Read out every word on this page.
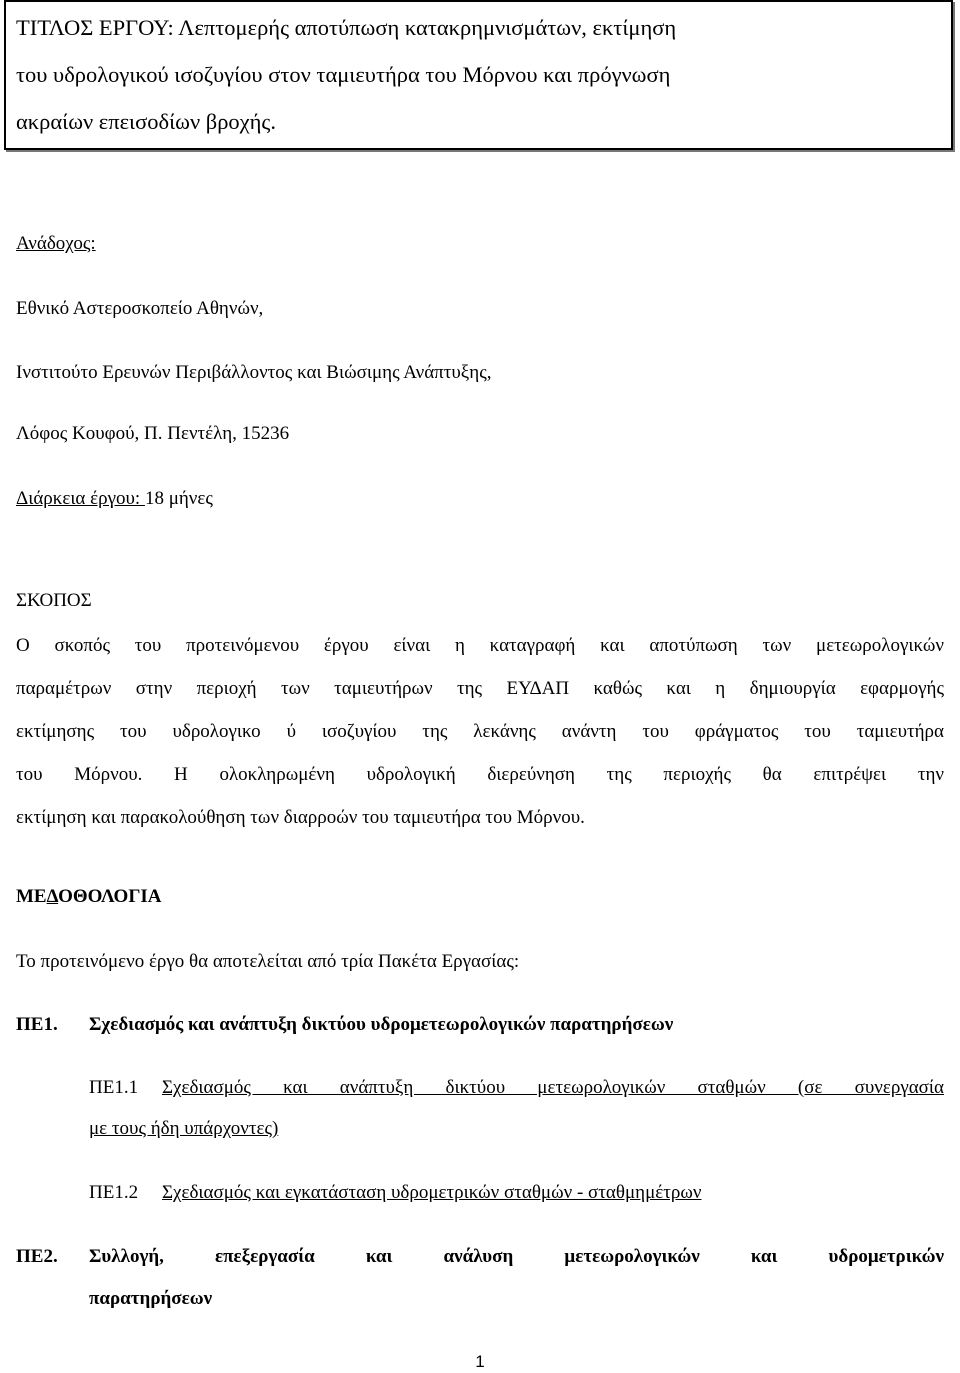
ΤΙΤΛΟΣ ΕΡΓΟΥ: Λεπτομερής αποτύπωση κατακρημνισμάτων, εκτίμηση
του υδρολογικού ισοζυγίου στον ταμιευτήρα του Μόρνου και πρόγνωση
ακραίων επεισοδίων βροχής.
Ανάδοχος:
Εθνικό Αστεροσκοπείο Αθηνών,
Ινστιτούτο Ερευνών Περιβάλλοντος και Βιώσιμης Ανάπτυξης,
Λόφος Κουφού, Π. Πεντέλη, 15236
Διάρκεια έργου: 18 μήνες
ΣΚΟΠΟΣ
Ο σκοπός του προτεινόμενου έργου είναι η καταγραφή και αποτύπωση των μετεωρολογικών
παραμέτρων στην περιοχή των ταμιευτήρων της ΕΥΔΑΠ καθώς και η δημιουργία εφαρμογής
εκτίμησης του υδρολογικο ύ ισοζυγίου της λεκάνης ανάντη του φράγματος του ταμιευτήρα
του Μόρνου. Η ολοκληρωμένη υδρολογική διερεύνηση της περιοχής θα επιτρέψει την
εκτίμηση και παρακολούθηση των διαρροών του ταμιευτήρα του Μόρνου.
ΜΕΔΟΘΟΛΟΓΙΑ
Το προτεινόμενο έργο θα αποτελείται από τρία Πακέτα Εργασίας:
ΠΕ1. Σχεδιασμός και ανάπτυξη δικτύου υδρομετεωρολογικών παρατηρήσεων
ΠΕ1.1 Σχεδιασμός και ανάπτυξη δικτύου μετεωρολογικών σταθμών (σε συνεργασία
με τους ήδη υπάρχοντες)
ΠΕ1.2 Σχεδιασμός και εγκατάσταση υδρομετρικών σταθμών - σταθμημέτρων
ΠΕ2. Συλλογή, επεξεργασία και ανάλυση μετεωρολογικών και υδρομετρικών
παρατηρήσεων
1
